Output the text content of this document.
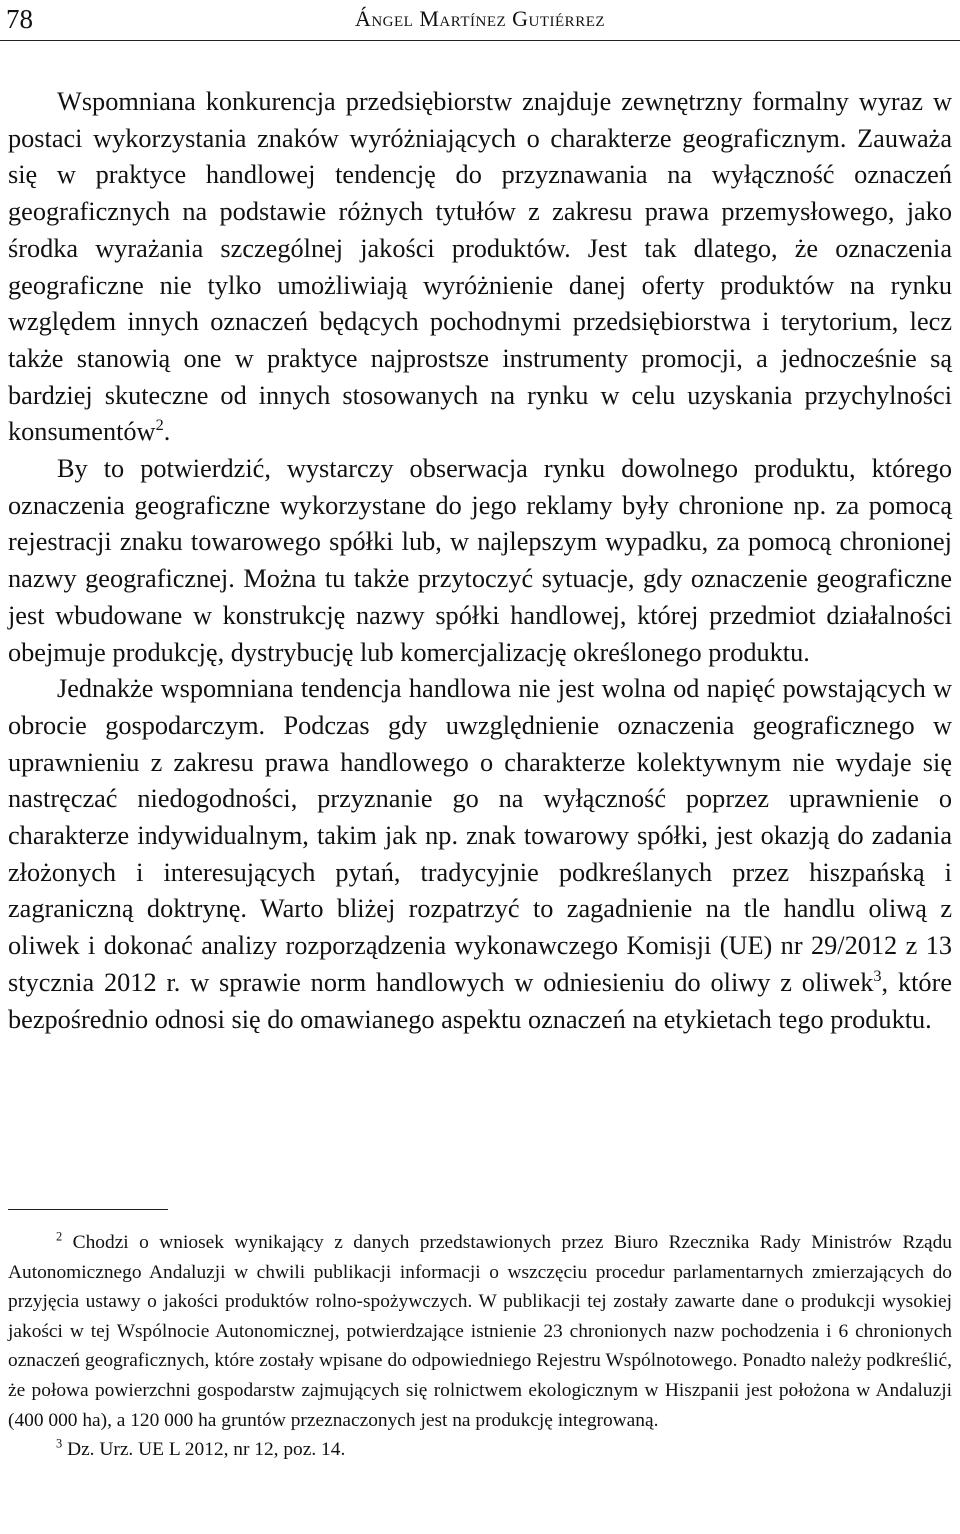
78	Ángel Martínez Gutiérrez

Wspomniana konkurencja przedsiębiorstw znajduje zewnętrzny formalny wyraz w postaci wykorzystania znaków wyróżniających o charakterze geograficznym. Zauważa się w praktyce handlowej tendencję do przyznawania na wyłączność oznaczeń geograficznych na podstawie różnych tytułów z zakresu prawa przemysłowego, jako środka wyrażania szczególnej jakości produktów. Jest tak dlatego, że oznaczenia geograficzne nie tylko umożliwiają wyróżnienie danej oferty produktów na rynku względem innych oznaczeń będących pochodnymi przedsiębiorstwa i terytorium, lecz także stanowią one w praktyce najprostsze instrumenty promocji, a jednocześnie są bardziej skuteczne od innych stosowanych na rynku w celu uzyskania przychylności konsumentów$^2$.

By to potwierdzić, wystarczy obserwacja rynku dowolnego produktu, którego oznaczenia geograficzne wykorzystane do jego reklamy były chronione np. za pomocą rejestracji znaku towarowego spółki lub, w najlepszym wypadku, za pomocą chronionej nazwy geograficznej. Można tu także przytoczyć sytuacje, gdy oznaczenie geograficzne jest wbudowane w konstrukcję nazwy spółki handlowej, której przedmiot działalności obejmuje produkcję, dystrybucję lub komercjalizację określonego produktu.

Jednakże wspomniana tendencja handlowa nie jest wolna od napięć powstających w obrocie gospodarczym. Podczas gdy uwzględnienie oznaczenia geograficznego w uprawnieniu z zakresu prawa handlowego o charakterze kolektywnym nie wydaje się nastręczać niedogodności, przyznanie go na wyłączność poprzez uprawnienie o charakterze indywidualnym, takim jak np. znak towarowy spółki, jest okazją do zadania złożonych i interesujących pytań, tradycyjnie podkreślanych przez hiszpańską i zagraniczną doktrynę. Warto bliżej rozpatrzyć to zagadnienie na tle handlu oliwą z oliwek i dokonać analizy rozporządzenia wykonawczego Komisji (UE) nr 29/2012 z 13 stycznia 2012 r. w sprawie norm handlowych w odniesieniu do oliwy z oliwek$^3$, które bezpośrednio odnosi się do omawianego aspektu oznaczeń na etykietach tego produktu.

$^2$ Chodzi o wniosek wynikający z danych przedstawionych przez Biuro Rzecznika Rady Ministrów Rządu Autonomicznego Andaluzji w chwili publikacji informacji o wszczęciu procedur parlamentarnych zmierzających do przyjęcia ustawy o jakości produktów rolno-spożywczych. W publikacji tej zostały zawarte dane o produkcji wysokiej jakości w tej Wspólnocie Autonomicznej, potwierdzające istnienie 23 chronionych nazw pochodzenia i 6 chronionych oznaczeń geograficznych, które zostały wpisane do odpowiedniego Rejestru Wspólnotowego. Ponadto należy podkreślić, że połowa powierzchni gospodarstw zajmujących się rolnictwem ekologicznym w Hiszpanii jest położona w Andaluzji (400 000 ha), a 120 000 ha gruntów przeznaczonych jest na produkcję integrowaną.

$^3$ Dz. Urz. UE L 2012, nr 12, poz. 14.
